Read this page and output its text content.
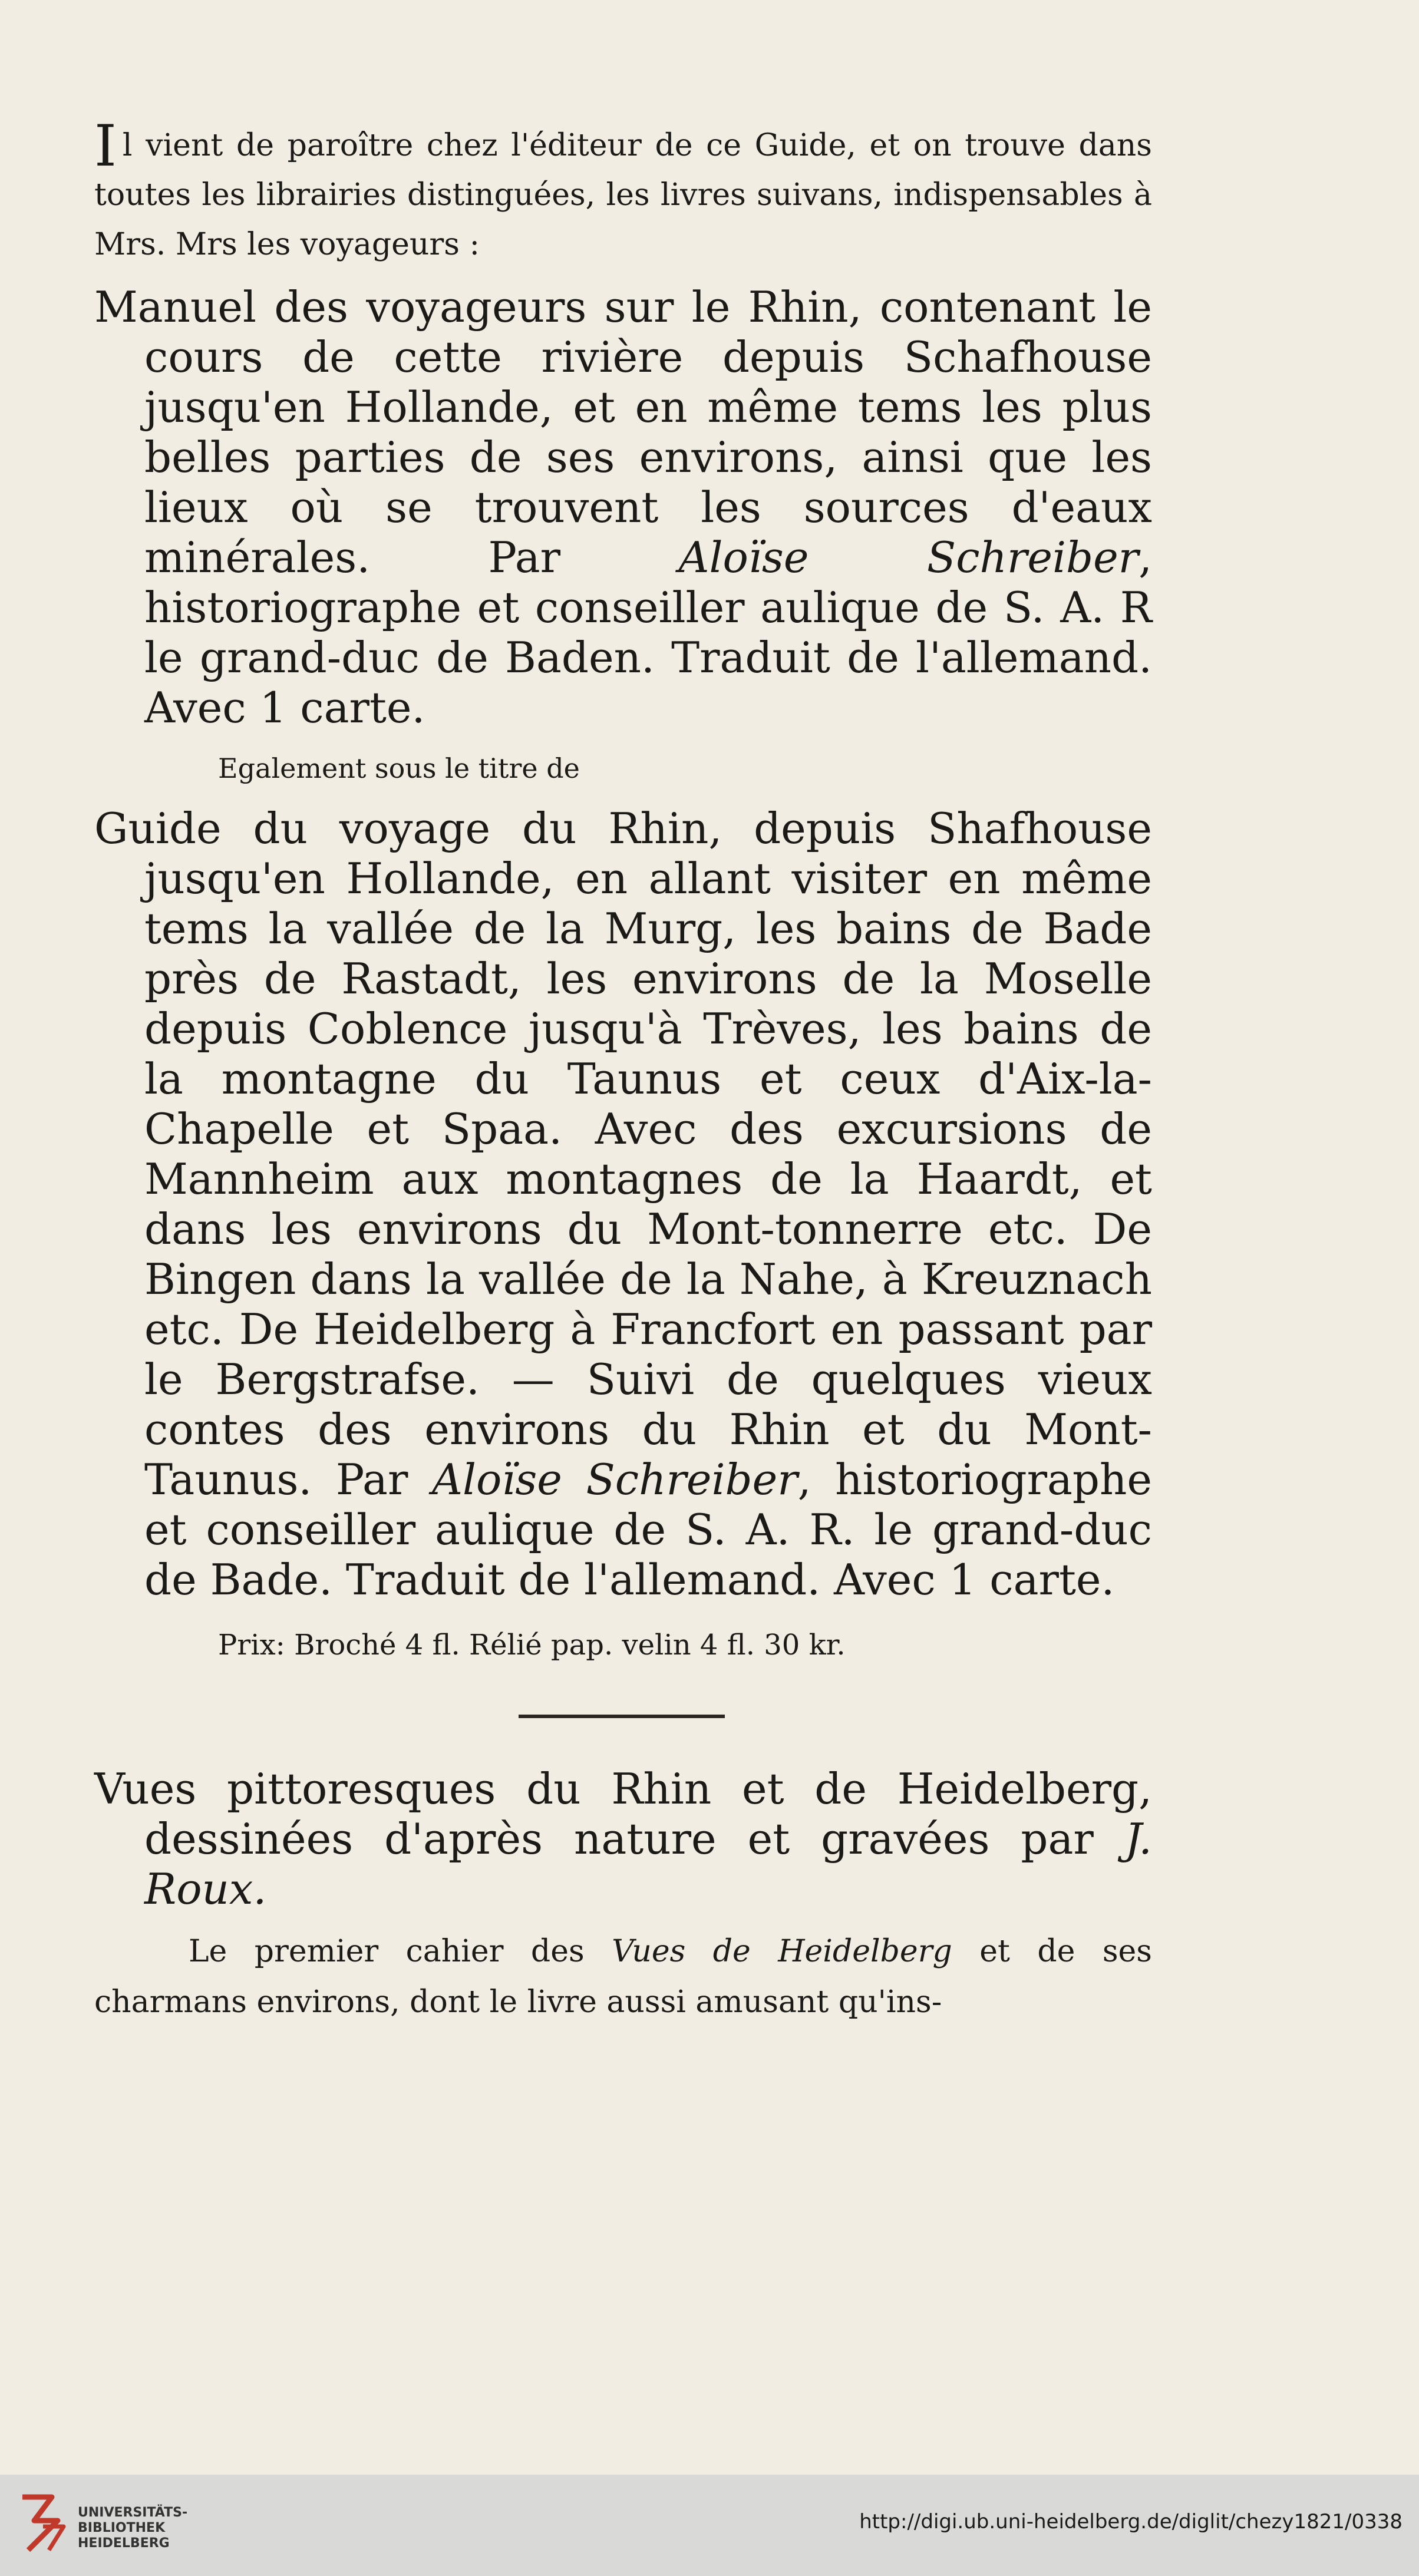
Il vient de paroître chez l'éditeur de ce Guide, et on trouve dans toutes les librairies distinguées, les livres suivans, indispensables à Mrs. Mrs les voyageurs :

Manuel des voyageurs sur le Rhin, contenant le cours de cette rivière depuis Schafhouse jusqu'en Hollande, et en même tems les plus belles parties de ses environs, ainsi que les lieux où se trouvent les sources d'eaux minérales. Par Aloïse Schreiber, historiographe et conseiller aulique de S. A. R le grand-duc de Baden. Traduit de l'allemand. Avec 1 carte.

Egalement sous le titre de

Guide du voyage du Rhin, depuis Shafhouse jusqu'en Hollande, en allant visiter en même tems la vallée de la Murg, les bains de Bade près de Rastadt, les environs de la Moselle depuis Coblence jusqu'à Trèves, les bains de la montagne du Taunus et ceux d'Aix-la-Chapelle et Spaa. Avec des excursions de Mannheim aux montagnes de la Haardt, et dans les environs du Mont-tonnerre etc. De Bingen dans la vallée de la Nahe, à Kreuznach etc. De Heidelberg à Francfort en passant par le Bergstrafse. — Suivi de quelques vieux contes des environs du Rhin et du Mont-Taunus. Par Aloïse Schreiber, historiographe et conseiller aulique de S. A. R. le grand-duc de Bade. Traduit de l'allemand. Avec 1 carte.

Prix: Broché 4 fl. Rélié pap. velin 4 fl. 30 kr.

Vues pittoresques du Rhin et de Heidelberg, dessinées d'après nature et gravées par J. Roux.

Le premier cahier des Vues de Heidelberg et de ses charmans environs, dont le livre aussi amusant qu'ins-

UNIVERSITÄTS-
BIBLIOTHEK
HEIDELBERG
http://digi.ub.uni-heidelberg.de/diglit/chezy1821/0338
